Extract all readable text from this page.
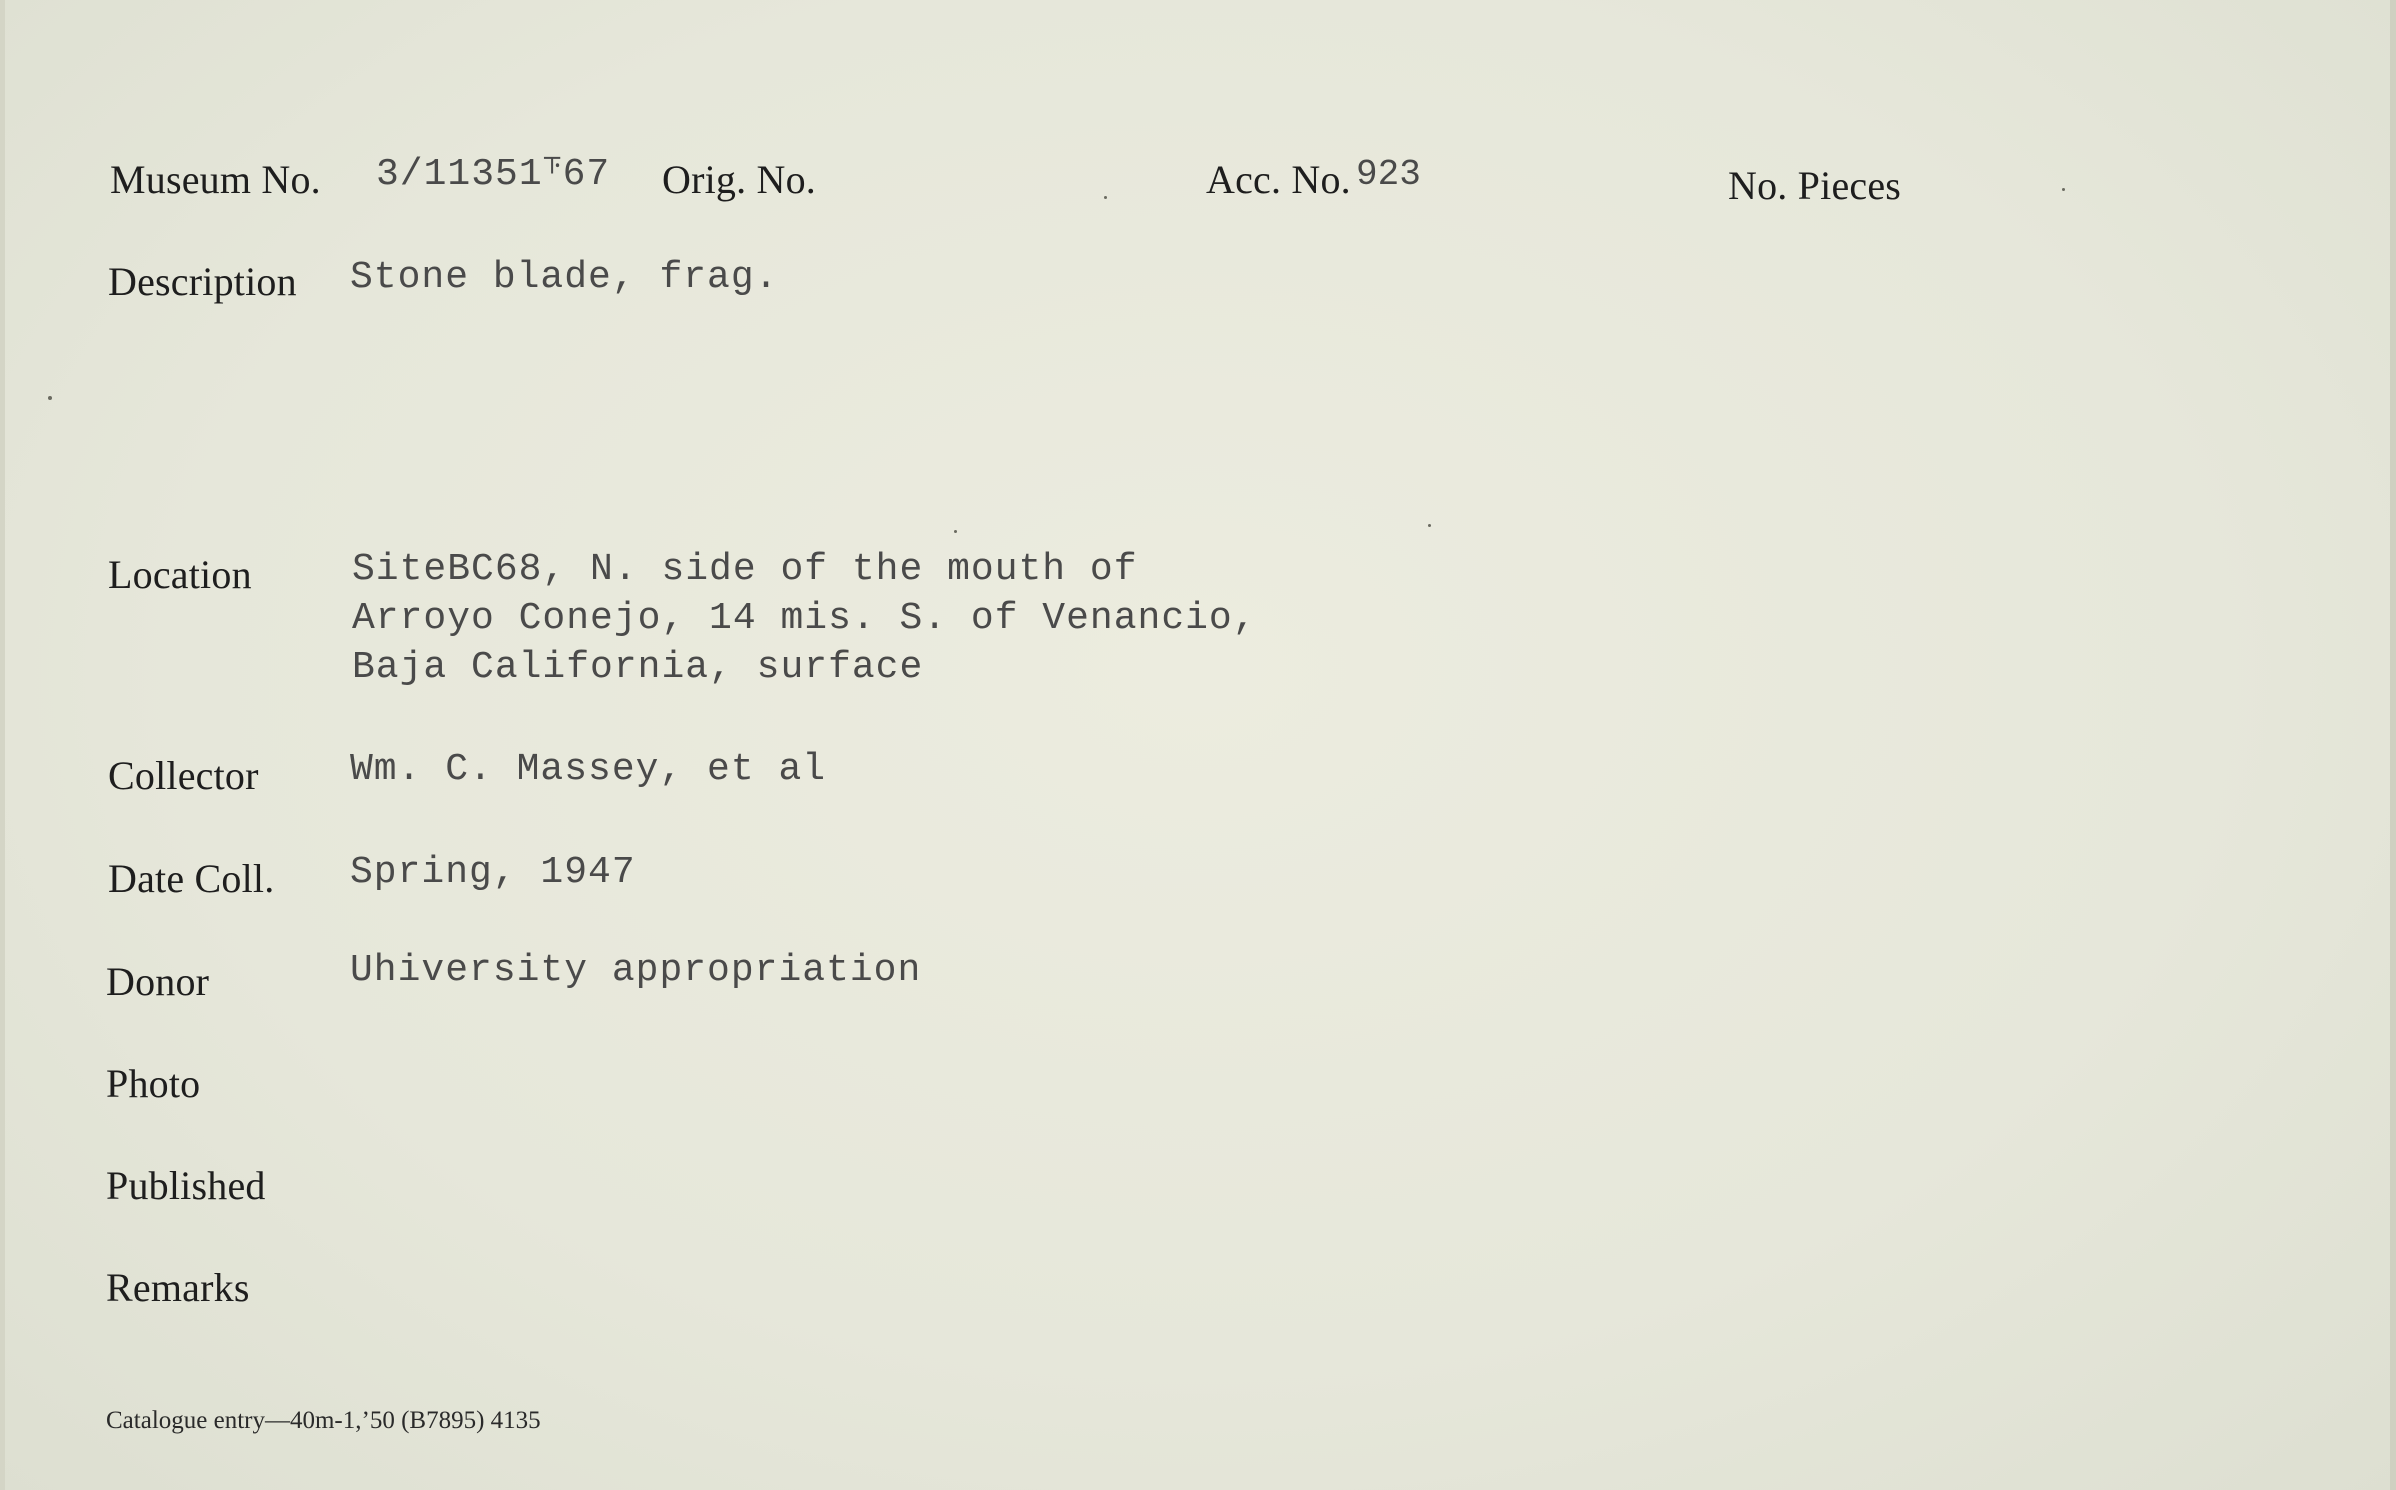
Museum No. 3/11351⸇67 Orig. No.	Acc. No. 923	No. Pieces
Description Stone blade, frag.
Location	SiteBC68, N. side of the mouth of
Arroyo Conejo, 14 mis. S. of Venancio,
Baja California, surface
Collector Wm. C. Massey, et al
Date Coll. Spring, 1947
Donor	Uhiversity appropriation
Photo
Published
Remarks
Catalogue entry—40m-1,’50 (B7895) 4135
